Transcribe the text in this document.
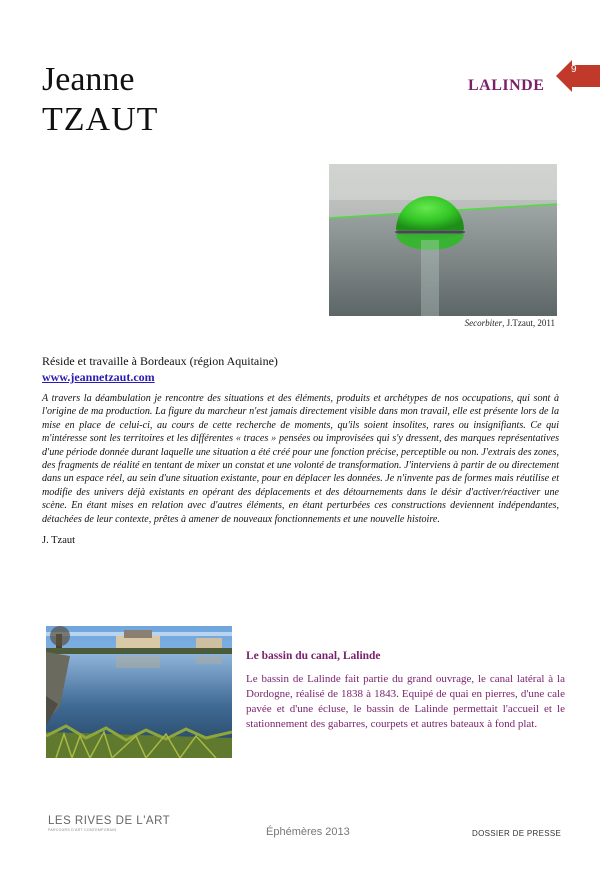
Jeanne
TZAUT
LALINDE
9
Secorbiter, J.Tzaut, 2011
Réside et travaille à Bordeaux (région Aquitaine)
www.jeannetzaut.com

A travers la déambulation je rencontre des situations et des éléments, produits et archétypes de nos occupations, qui sont à l'origine de ma production. La figure du marcheur n'est jamais directement visible dans mon travail, elle est présente lors de la mise en place de celui-ci, au cours de cette recherche de moments, qu'ils soient insolites, rares ou insignifiants. Ce qui m'intéresse sont les territoires et les différentes « traces » pensées ou improvisées qui s'y dressent, des marques représentatives d'une période donnée durant laquelle une situation a été créé pour une fonction précise, perceptible ou non. J'extrais des zones, des fragments de réalité en tentant de mixer un constat et une volonté de transformation. J'interviens à partir de ou directement dans un espace réel, au sein d'une situation existante, pour en déplacer les données. Je n'invente pas de formes mais réutilise et modifie des univers déjà existants en opérant des déplacements et des détournements dans le désir d'activer/réactiver une scène. En étant mises en relation avec d'autres éléments, en étant perturbées ces constructions deviennent indépendantes, détachées de leur contexte, prêtes à amener de nouveaux fonctionnements et une nouvelle histoire.

J. Tzaut
Le bassin du canal, Lalinde

Le bassin de Lalinde fait partie du grand ouvrage, le canal latéral à la Dordogne, réalisé de 1838 à 1843. Equipé de quai en pierres, d'une cale pavée et d'une écluse, le bassin de Lalinde permettait l'accueil et le stationnement des gabarres, courpets et autres bateaux à fond plat.

LES RIVES DE L'ART
PARCOURS D'ART CONTEMPORAIN	Éphémères 2013	DOSSIER DE PRESSE
